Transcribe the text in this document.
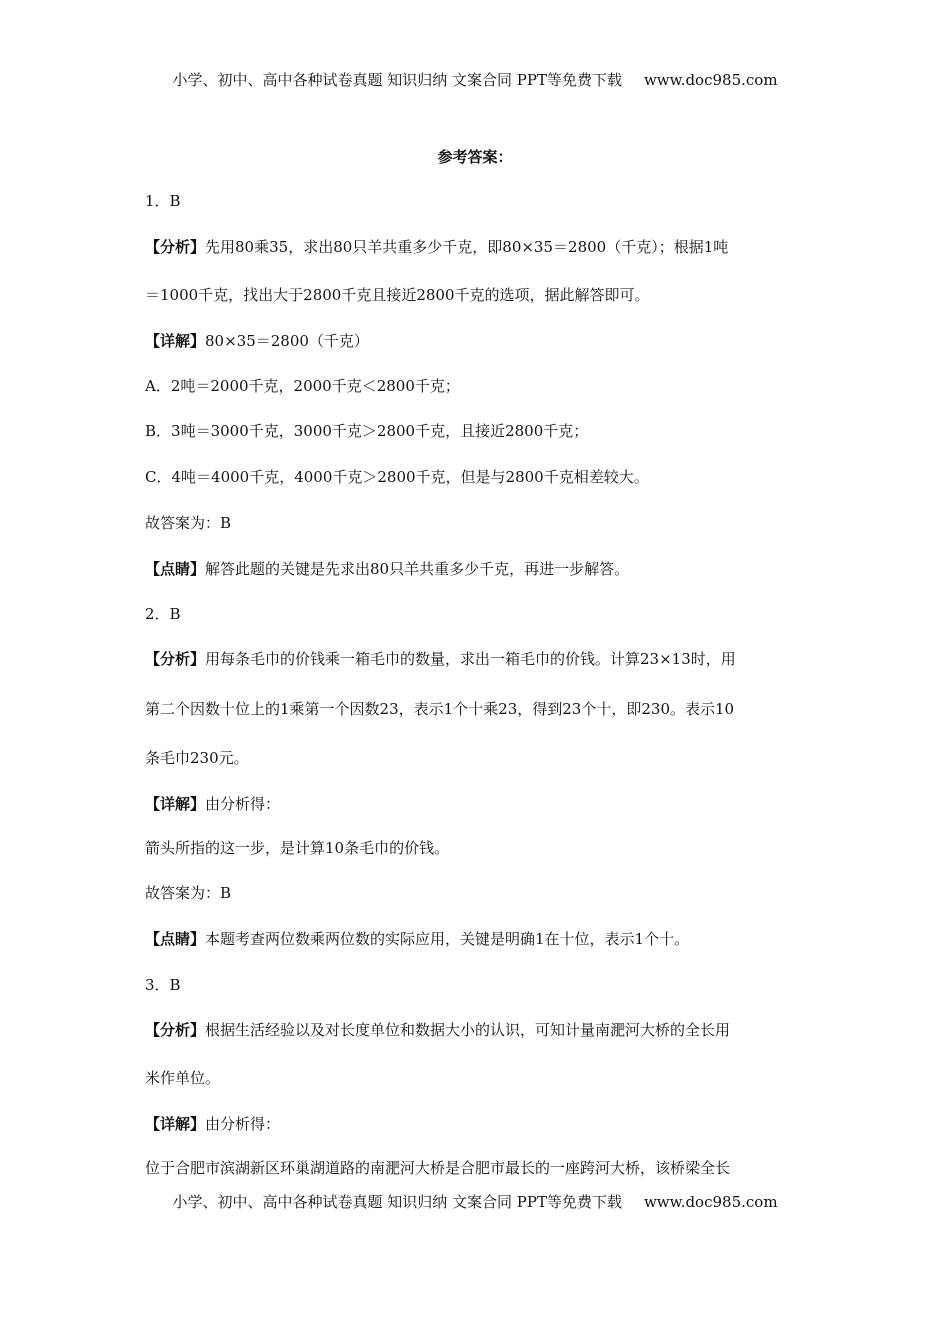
小学、初中、高中各种试卷真题 知识归纳 文案合同 PPT等免费下载 www.doc985.com
参考答案：
1．B
【分析】先用80乘35，求出80只羊共重多少千克，即80×35＝2800（千克）；根据1吨
＝1000千克，找出大于2800千克且接近2800千克的选项，据此解答即可。
【详解】80×35＝2800（千克）
A．2吨＝2000千克，2000千克＜2800千克；
B．3吨＝3000千克，3000千克＞2800千克，且接近2800千克；
C．4吨＝4000千克，4000千克＞2800千克，但是与2800千克相差较大。
故答案为：B
【点睛】解答此题的关键是先求出80只羊共重多少千克，再进一步解答。
2．B
【分析】用每条毛巾的价钱乘一箱毛巾的数量，求出一箱毛巾的价钱。计算23×13时，用
第二个因数十位上的1乘第一个因数23，表示1个十乘23，得到23个十，即230。表示10
条毛巾230元。
【详解】由分析得：
箭头所指的这一步，是计算10条毛巾的价钱。
故答案为：B
【点睛】本题考查两位数乘两位数的实际应用，关键是明确1在十位，表示1个十。
3．B
【分析】根据生活经验以及对长度单位和数据大小的认识，可知计量南淝河大桥的全长用
米作单位。
【详解】由分析得：
位于合肥市滨湖新区环巢湖道路的南淝河大桥是合肥市最长的一座跨河大桥，该桥梁全长
小学、初中、高中各种试卷真题 知识归纳 文案合同 PPT等免费下载 www.doc985.com
